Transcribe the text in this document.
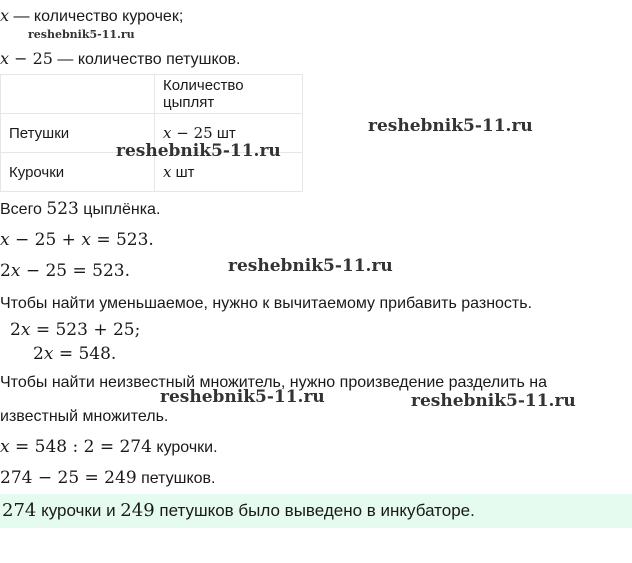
x — количество курочек;
reshebnik5-11.ru
x − 25 — количество петушков.
	Количество цыплят
Петушки	x − 25 шт
Курочки	x шт
reshebnik5-11.ru
reshebnik5-11.ru
Всего 523 цыплёнка.
x − 25 + x = 523.
2x − 25 = 523.	reshebnik5-11.ru
Чтобы найти уменьшаемое, нужно к вычитаемому прибавить разность.
2x = 523 + 25;
2x = 548.
Чтобы найти неизвестный множитель, нужно произведение разделить на
reshebnik5-11.ru	reshebnik5-11.ru
известный множитель.
x = 548 : 2 = 274 курочки.
274 − 25 = 249 петушков.
274 курочки и 249 петушков было выведено в инкубаторе.
